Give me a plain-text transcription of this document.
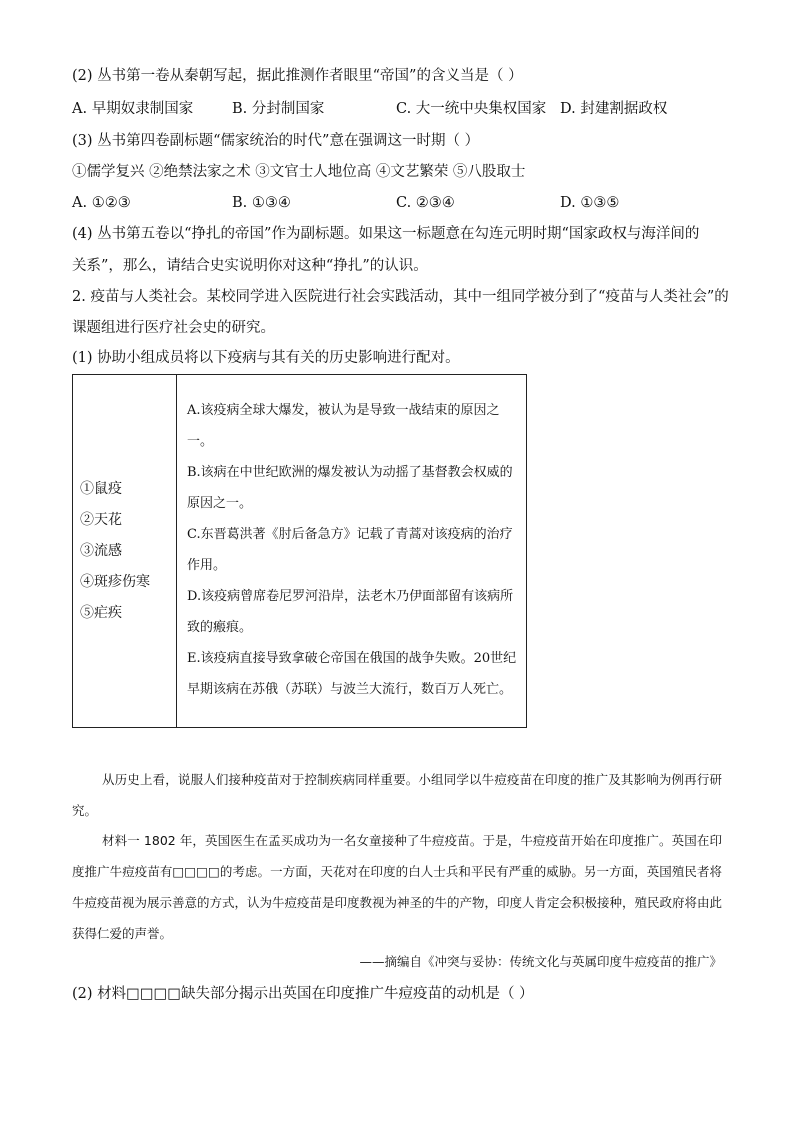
(2) 丛书第一卷从秦朝写起，据此推测作者眼里“帝国”的含义当是（ ）
A. 早期奴隶制国家	B. 分封制国家	C. 大一统中央集权国家 D. 封建割据政权
(3) 丛书第四卷副标题“儒家统治的时代”意在强调这一时期（ ）
①儒学复兴 ②绝禁法家之术 ③文官士人地位高 ④文艺繁荣 ⑤八股取士
A. ①②③	B. ①③④	C. ②③④	D. ①③⑤
(4) 丛书第五卷以“挣扎的帝国”作为副标题。如果这一标题意在勾连元明时期“国家政权与海洋间的
关系”，那么，请结合史实说明你对这种“挣扎”的认识。
2. 疫苗与人类社会。某校同学进入医院进行社会实践活动，其中一组同学被分到了“疫苗与人类社会”的
课题组进行医疗社会史的研究。
(1) 协助小组成员将以下疫病与其有关的历史影响进行配对。
①鼠疫
②天花
③流感
④斑疹伤寒
⑤疟疾

A.该疫病全球大爆发，被认为是导致一战结束的原因之一。
B.该病在中世纪欧洲的爆发被认为动摇了基督教会权威的原因之一。
C.东晋葛洪著《肘后备急方》记载了青蒿对该疫病的治疗作用。
D.该疫病曾席卷尼罗河沿岸，法老木乃伊面部留有该病所致的瘢痕。
E.该疫病直接导致拿破仑帝国在俄国的战争失败。20世纪早期该病在苏俄（苏联）与波兰大流行，数百万人死亡。
从历史上看，说服人们接种疫苗对于控制疾病同样重要。小组同学以牛痘疫苗在印度的推广及其影响为例再行研究。
材料一 1802 年，英国医生在孟买成功为一名女童接种了牛痘疫苗。于是，牛痘疫苗开始在印度推广。英国在印度推广牛痘疫苗有□□□□的考虑。一方面，天花对在印度的白人士兵和平民有严重的威胁。另一方面，英国殖民者将牛痘疫苗视为展示善意的方式，认为牛痘疫苗是印度教视为神圣的牛的产物，印度人肯定会积极接种，殖民政府将由此获得仁爱的声誉。
——摘编自《冲突与妥协：传统文化与英属印度牛痘疫苗的推广》
(2) 材料□□□□缺失部分揭示出英国在印度推广牛痘疫苗的动机是（ ）
